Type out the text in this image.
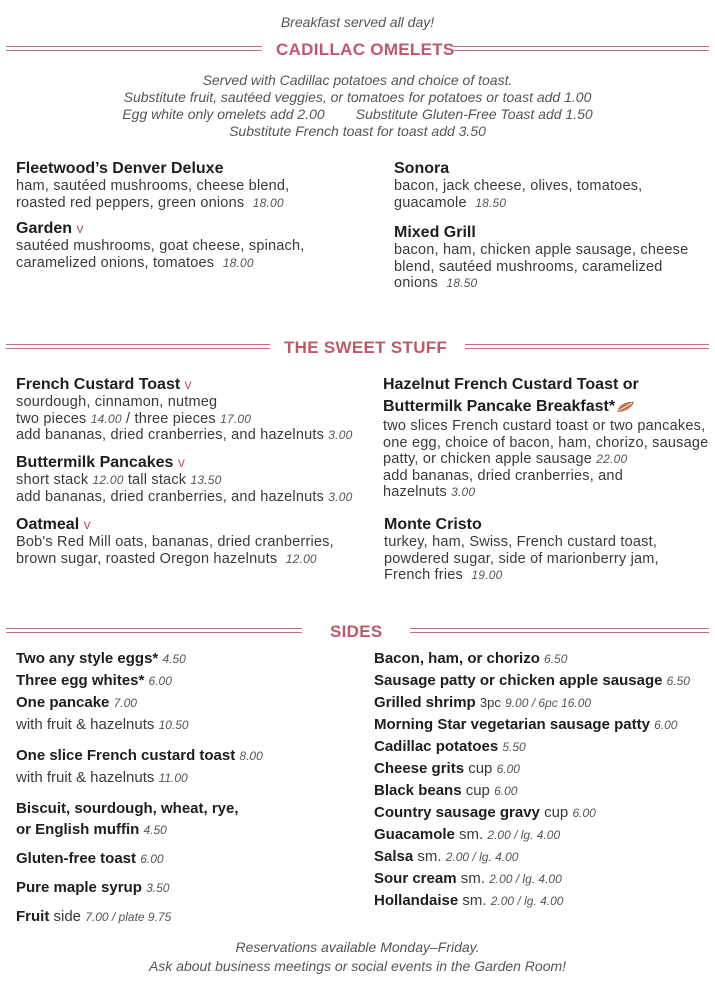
Breakfast served all day!
CADILLAC OMELETS
Served with Cadillac potatoes and choice of toast.
Substitute fruit, sautéed veggies, or tomatoes for potatoes or toast add 1.00
Egg white only omelets add 2.00        Substitute Gluten-Free Toast add 1.50
Substitute French toast for toast add 3.50
Fleetwood’s Denver Deluxe
ham, sautéed mushrooms, cheese blend, roasted red peppers, green onions 18.00
Garden v
sautéed mushrooms, goat cheese, spinach, caramelized onions, tomatoes 18.00
Sonora
bacon, jack cheese, olives, tomatoes, guacamole 18.50
Mixed Grill
bacon, ham, chicken apple sausage, cheese blend, sautéed mushrooms, caramelized onions 18.50
THE SWEET STUFF
French Custard Toast v
sourdough, cinnamon, nutmeg
two pieces 14.00 / three pieces 17.00
add bananas, dried cranberries, and hazelnuts 3.00
Buttermilk Pancakes v
short stack 12.00 tall stack 13.50
add bananas, dried cranberries, and hazelnuts 3.00
Oatmeal v
Bob's Red Mill oats, bananas, dried cranberries, brown sugar, roasted Oregon hazelnuts 12.00
Hazelnut French Custard Toast or
Buttermilk Pancake Breakfast*
two slices French custard toast or two pancakes, one egg, choice of bacon, ham, chorizo, sausage patty, or chicken apple sausage 22.00
add bananas, dried cranberries, and hazelnuts 3.00
Monte Cristo
turkey, ham, Swiss, French custard toast, powdered sugar, side of marionberry jam, French fries 19.00
SIDES
Two any style eggs* 4.50
Three egg whites* 6.00
One pancake 7.00
with fruit & hazelnuts 10.50
One slice French custard toast 8.00
with fruit & hazelnuts 11.00
Biscuit, sourdough, wheat, rye,
or English muffin 4.50
Gluten-free toast 6.00
Pure maple syrup 3.50
Fruit side 7.00 / plate 9.75
Bacon, ham, or chorizo 6.50
Sausage patty or chicken apple sausage 6.50
Grilled shrimp 3pc 9.00 / 6pc 16.00
Morning Star vegetarian sausage patty 6.00
Cadillac potatoes 5.50
Cheese grits cup 6.00
Black beans cup 6.00
Country sausage gravy cup 6.00
Guacamole sm. 2.00 / lg. 4.00
Salsa sm. 2.00 / lg. 4.00
Sour cream sm. 2.00 / lg. 4.00
Hollandaise sm. 2.00 / lg. 4.00
Reservations available Monday–Friday.
Ask about business meetings or social events in the Garden Room!
